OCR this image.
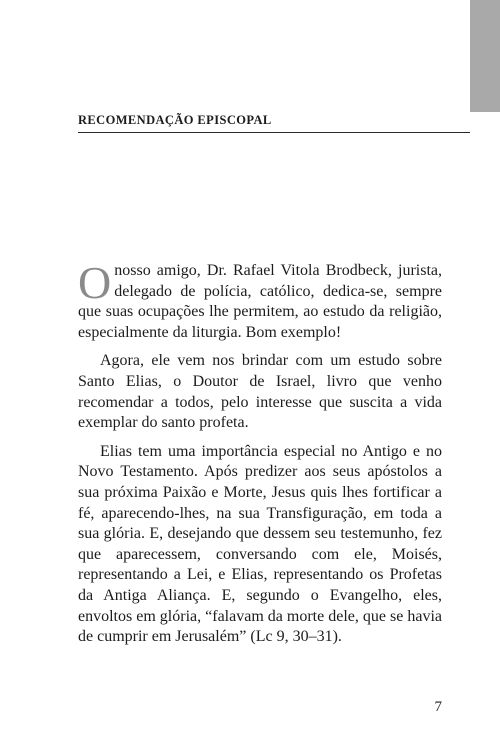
RECOMENDAÇÃO EPISCOPAL

Onosso amigo, Dr. Rafael Vitola Brodbeck, jurista, delegado de polícia, católico, dedica-se, sempre que suas ocupações lhe permitem, ao estudo da religião, especialmente da liturgia. Bom exemplo!

Agora, ele vem nos brindar com um estudo sobre Santo Elias, o Doutor de Israel, livro que venho recomendar a todos, pelo interesse que suscita a vida exemplar do santo profeta.

Elias tem uma importância especial no Antigo e no Novo Testamento. Após predizer aos seus apóstolos a sua próxima Paixão e Morte, Jesus quis lhes fortificar a fé, aparecendo-lhes, na sua Transfiguração, em toda a sua glória. E, desejando que dessem seu testemunho, fez que aparecessem, conversando com ele, Moisés, representando a Lei, e Elias, representando os Profetas da Antiga Aliança. E, segundo o Evangelho, eles, envoltos em glória, “falavam da morte dele, que se havia de cumprir em Jerusalém” (Lc 9, 30–31).

7
